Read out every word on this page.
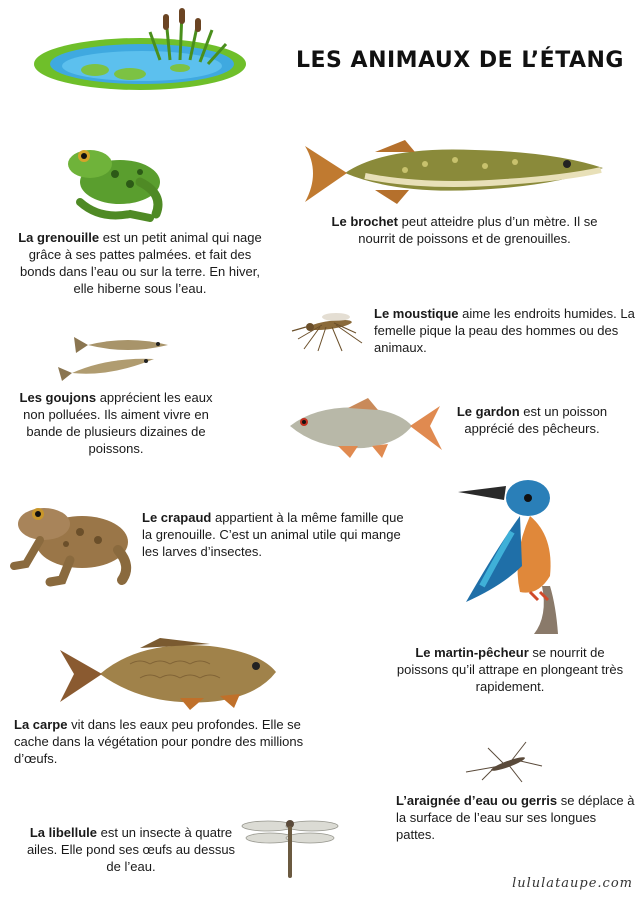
LES ANIMAUX DE L’ÉTANG
La grenouille est un petit animal qui nage grâce à ses pattes palmées. et fait des bonds dans l’eau ou sur la terre. En hiver, elle hiberne sous l’eau.
Le brochet peut atteidre plus d’un mètre. Il se nourrit de poissons et de grenouilles.
Le moustique aime les endroits humides. La femelle pique la peau des hommes ou des animaux.
Les goujons apprécient les eaux non polluées. Ils aiment vivre en bande de plusieurs dizaines de poissons.
Le gardon est un poisson apprécié des pêcheurs.
Le crapaud appartient à la même famille que la grenouille. C’est un animal utile qui mange les larves d’insectes.
Le martin-pêcheur se nourrit de poissons qu’il attrape en plongeant très rapidement.
La carpe vit dans les eaux peu profondes. Elle se cache dans la végétation pour pondre des millions d’œufs.
L’araignée d’eau ou gerris se déplace à la surface de l’eau sur ses longues pattes.
La libellule est un insecte à quatre ailes. Elle pond ses œufs au dessus de l’eau.
lululataupe.com
